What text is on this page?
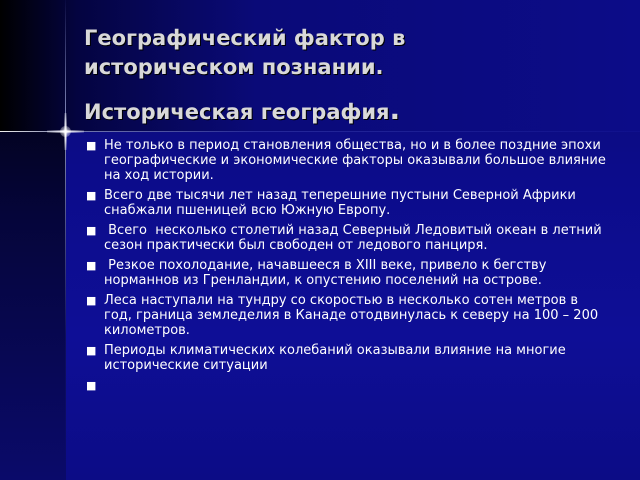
Географический фактор в
историческом познании.
Историческая география.
■ Не только в период становления общества, но и в более поздние эпохи географические и экономические факторы оказывали большое влияние на ход истории.
■ Всего две тысячи лет назад теперешние пустыни Северной Африки снабжали пшеницей всю Южную Европу.
■ Всего  несколько столетий назад Северный Ледовитый океан в летний сезон практически был свободен от ледового панциря.
■ Резкое похолодание, начавшееся в XIII веке, привело к бегству норманнов из Гренландии, к опустению поселений на острове.
■ Леса наступали на тундру со скоростью в несколько сотен метров в год, граница земледелия в Канаде отодвинулась к северу на 100 – 200 километров.
■ Периоды климатических колебаний оказывали влияние на многие исторические ситуации
■
